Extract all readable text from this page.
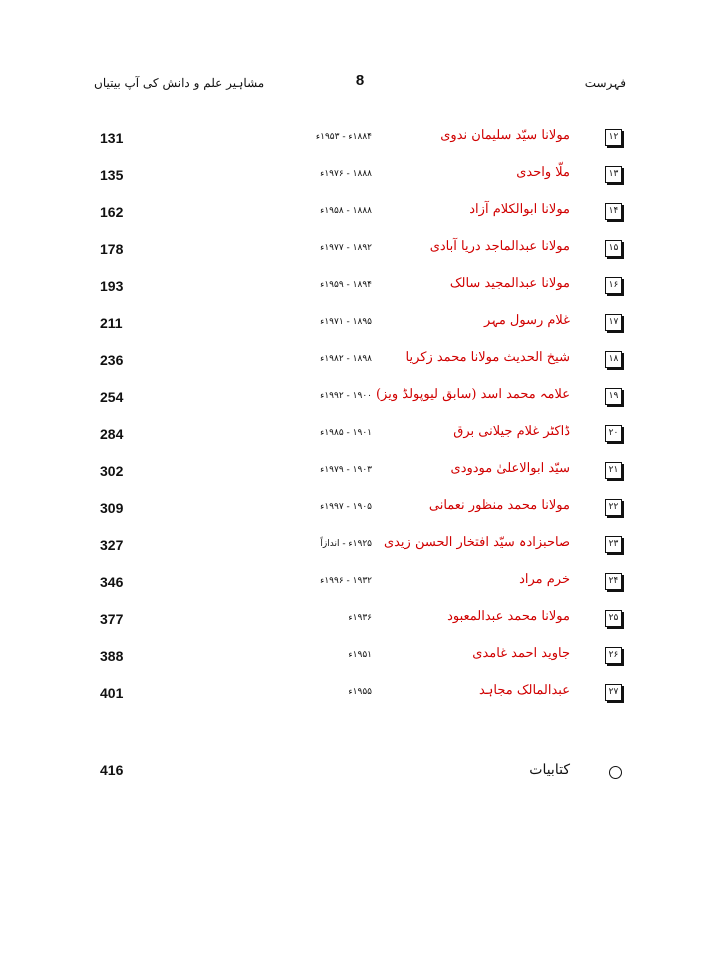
مشاہیر علم و دانش کی آپ بیتیاں	8	فہرست
131	۱۸۸۴ء - ۱۹۵۳ء	مولانا سیّد سلیمان ندوی	۱۲
135	۱۸۸۸ - ۱۹۷۶ء	ملّا واحدی	۱۳
162	۱۸۸۸ - ۱۹۵۸ء	مولانا ابوالکلام آزاد	۱۴
178	۱۸۹۲ - ۱۹۷۷ء	مولانا عبدالماجد دریا آبادی	۱۵
193	۱۸۹۴ - ۱۹۵۹ء	مولانا عبدالمجید سالک	۱۶
211	۱۸۹۵ - ۱۹۷۱ء	غلام رسول مہر	۱۷
236	۱۸۹۸ - ۱۹۸۲ء	شیخ الحدیث مولانا محمد زکریا	۱۸
254	۱۹۰۰ - ۱۹۹۲ء علامہ محمد اسد (سابق لیوپولڈ ویز)	۱۹
284	۱۹۰۱ - ۱۹۸۵ء	ڈاکٹر غلام جیلانی برق	۲۰
302	۱۹۰۳ - ۱۹۷۹ء	سیّد ابوالاعلیٰ مودودی	۲۱
309	۱۹۰۵ - ۱۹۹۷ء	مولانا محمد منظور نعمانی	۲۲
327	۱۹۲۵ء - اندازاً صاحبزادہ سیّد افتخار الحسن زیدی	۲۳
346	۱۹۳۲ - ۱۹۹۶ء	خرم مراد	۲۴
377	۱۹۳۶ء	مولانا محمد عبدالمعبود	۲۵
388	۱۹۵۱ء	جاوید احمد غامدی	۲۶
401	۱۹۵۵ء	عبدالمالک مجاہد	۲۷
416	کتابیات
